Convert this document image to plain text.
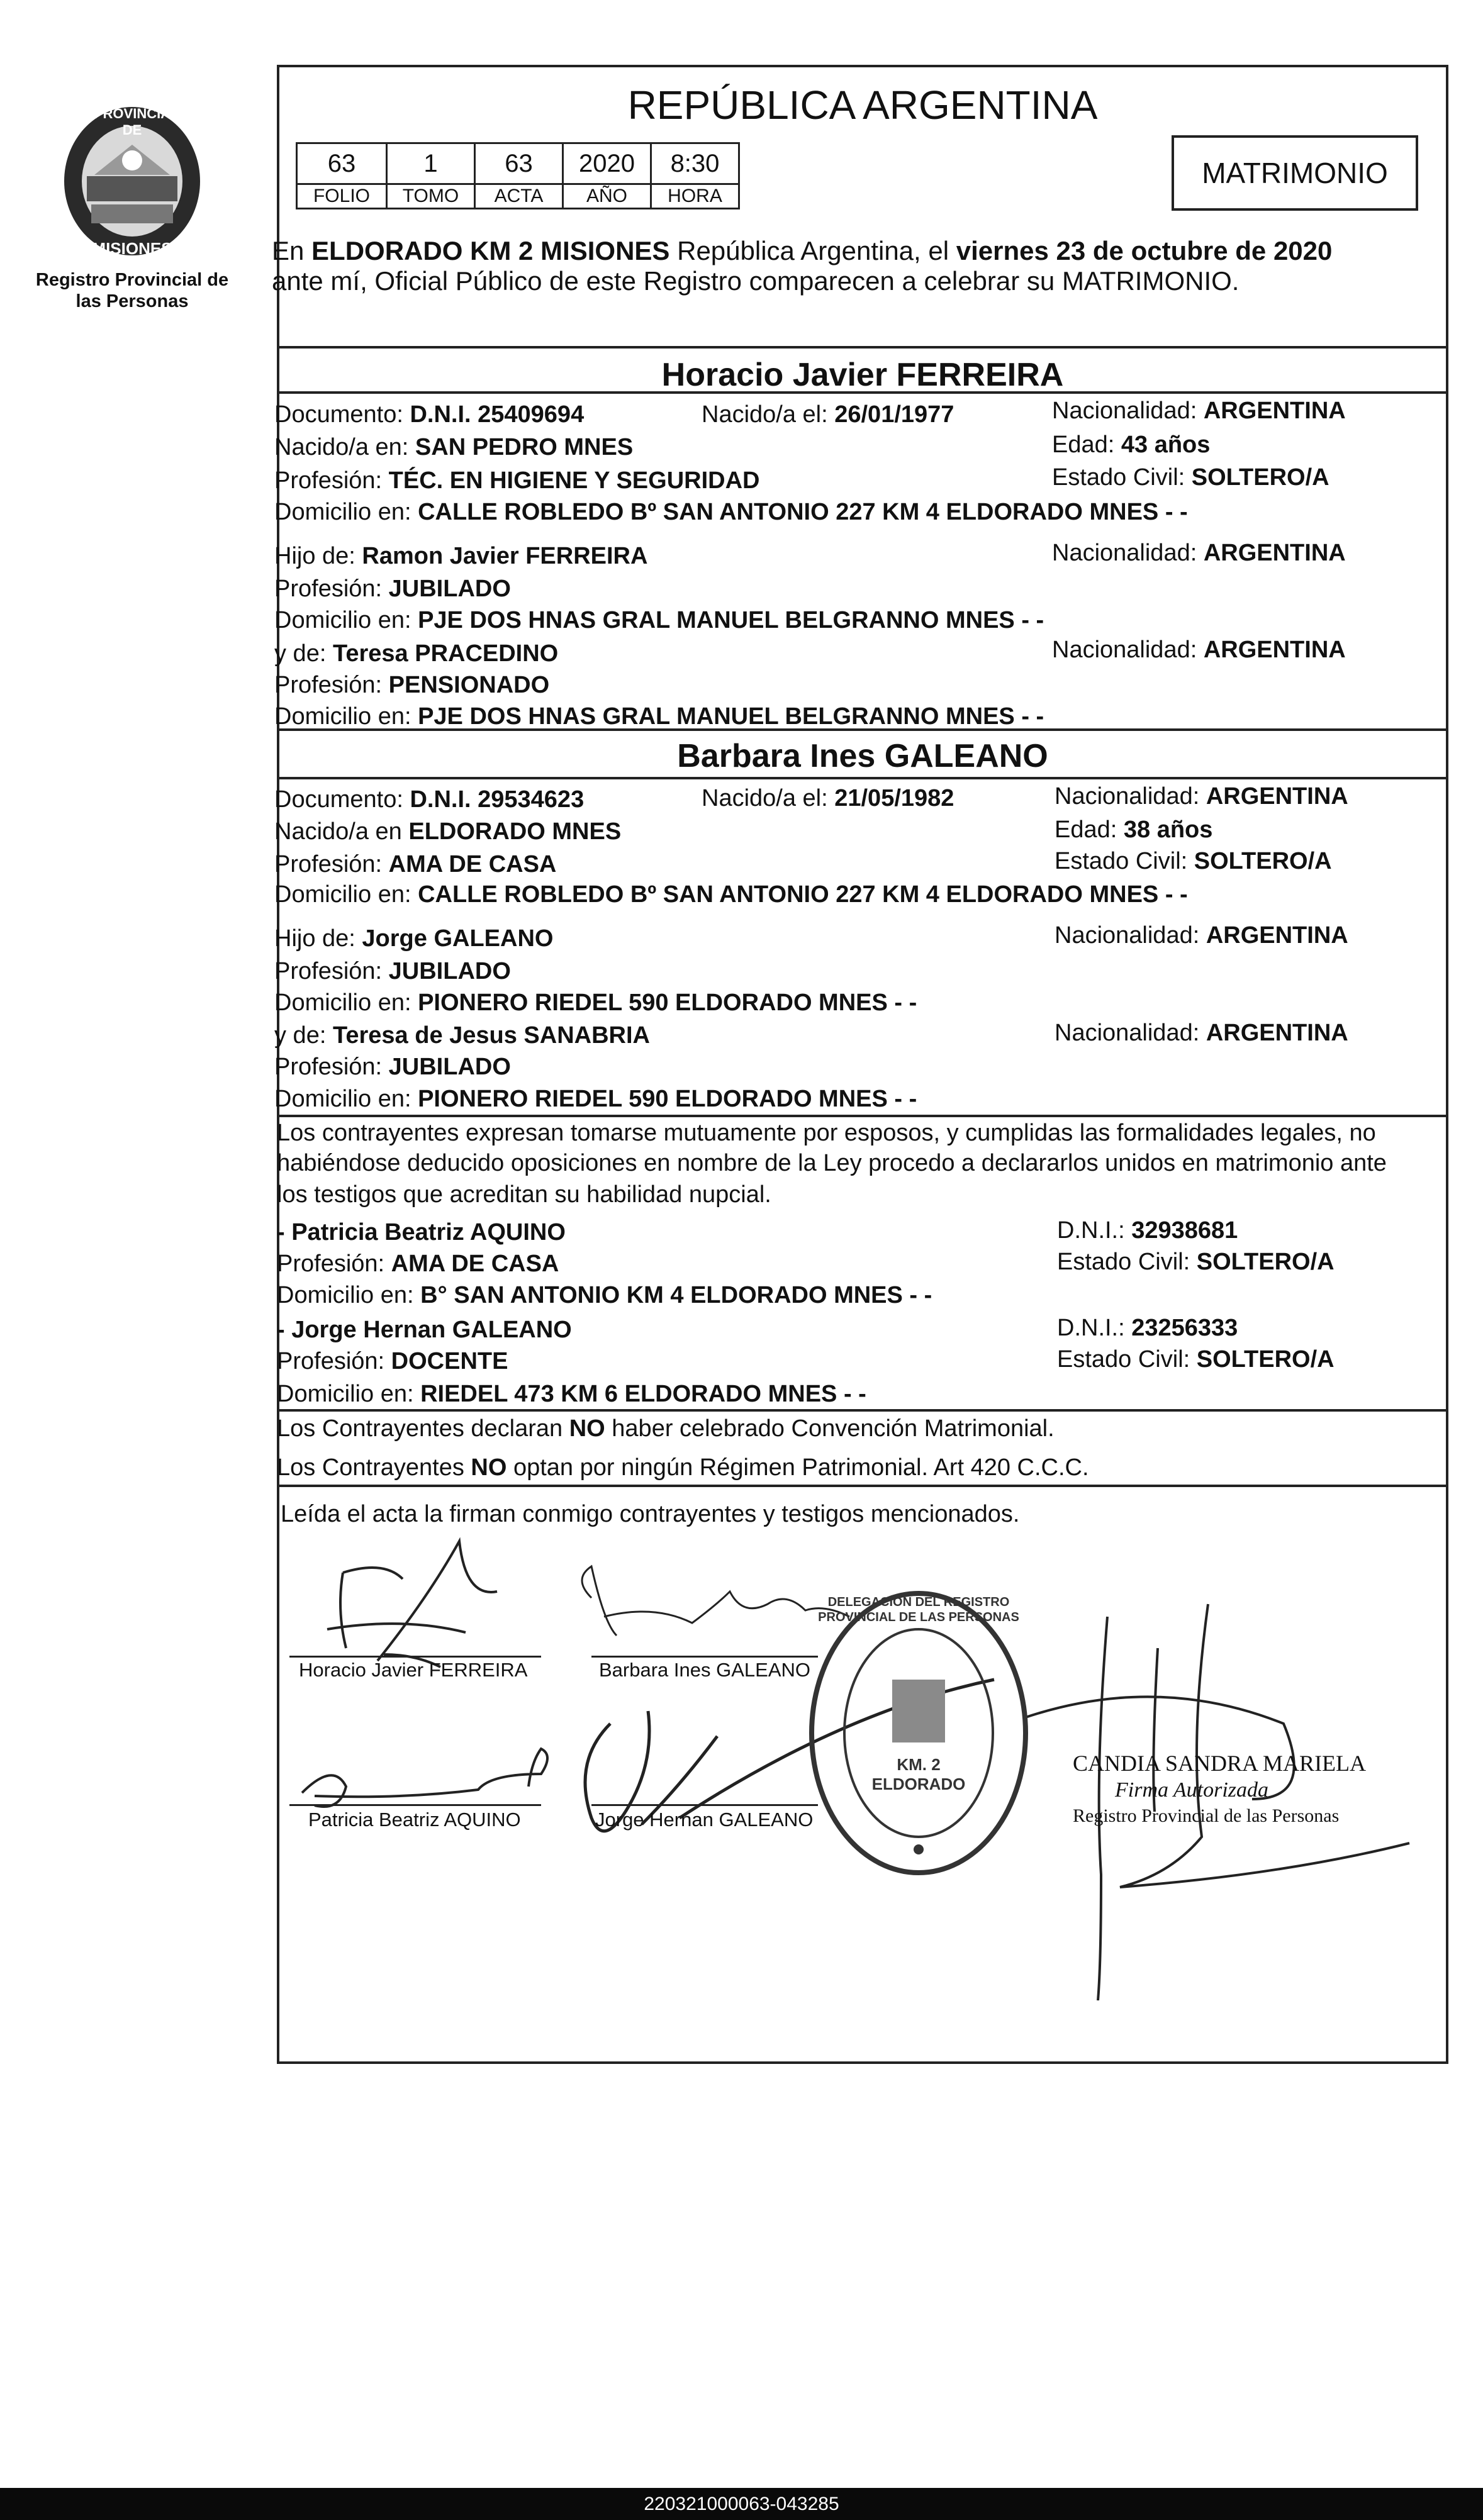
PROVINCIA DE
MISIONES
Registro Provincial de las Personas
REPÚBLICA ARGENTINA
63	1	63	2020	8:30
FOLIO	TOMO	ACTA	AÑO	HORA
MATRIMONIO
En ELDORADO KM 2 MISIONES República Argentina, el viernes 23 de octubre de 2020
ante mí, Oficial Público de este Registro comparecen a celebrar su MATRIMONIO.
Horacio Javier FERREIRA
Documento: D.N.I. 25409694	Nacido/a el: 26/01/1977	Nacionalidad: ARGENTINA
Nacido/a en: SAN PEDRO MNES	Edad: 43 años
Profesión: TÉC. EN HIGIENE Y SEGURIDAD	Estado Civil: SOLTERO/A
Domicilio en: CALLE ROBLEDO Bº SAN ANTONIO 227 KM 4 ELDORADO MNES - -
Hijo de: Ramon Javier FERREIRA	Nacionalidad: ARGENTINA
Profesión: JUBILADO
Domicilio en: PJE DOS HNAS GRAL MANUEL BELGRANNO MNES - -
y de: Teresa PRACEDINO	Nacionalidad: ARGENTINA
Profesión: PENSIONADO
Domicilio en: PJE DOS HNAS GRAL MANUEL BELGRANNO MNES - -
Barbara Ines GALEANO
Documento: D.N.I. 29534623	Nacido/a el: 21/05/1982	Nacionalidad: ARGENTINA
Nacido/a en ELDORADO MNES	Edad: 38 años
Profesión: AMA DE CASA	Estado Civil: SOLTERO/A
Domicilio en: CALLE ROBLEDO Bº SAN ANTONIO 227 KM 4 ELDORADO MNES - -
Hijo de: Jorge GALEANO	Nacionalidad: ARGENTINA
Profesión: JUBILADO
Domicilio en: PIONERO RIEDEL 590 ELDORADO MNES - -
y de: Teresa de Jesus SANABRIA	Nacionalidad: ARGENTINA
Profesión: JUBILADO
Domicilio en: PIONERO RIEDEL 590 ELDORADO MNES - -
Los contrayentes expresan tomarse mutuamente por esposos, y cumplidas las formalidades legales, no
habiéndose deducido oposiciones en nombre de la Ley procedo a declararlos unidos en matrimonio ante
los testigos que acreditan su habilidad nupcial.
- Patricia Beatriz AQUINO	D.N.I.: 32938681
Profesión: AMA DE CASA	Estado Civil: SOLTERO/A
Domicilio en: B° SAN ANTONIO KM 4 ELDORADO MNES - -
- Jorge Hernan GALEANO	D.N.I.: 23256333
Profesión: DOCENTE	Estado Civil: SOLTERO/A
Domicilio en: RIEDEL 473 KM 6 ELDORADO MNES - -
Los Contrayentes declaran NO haber celebrado Convención Matrimonial.
Los Contrayentes NO optan por ningún Régimen Patrimonial. Art 420 C.C.C.
Leída el acta la firman conmigo contrayentes y testigos mencionados.
DELEGACIÓN DEL REGISTRO PROVINCIAL DE LAS PERSONAS
KM. 2 ELDORADO
Horacio Javier FERREIRA	Barbara Ines GALEANO
Patricia Beatriz AQUINO	Jorge Hernan GALEANO
CANDIA SANDRA MARIELA
Firma Autorizada
Registro Provincial de las Personas
220321000063-043285
